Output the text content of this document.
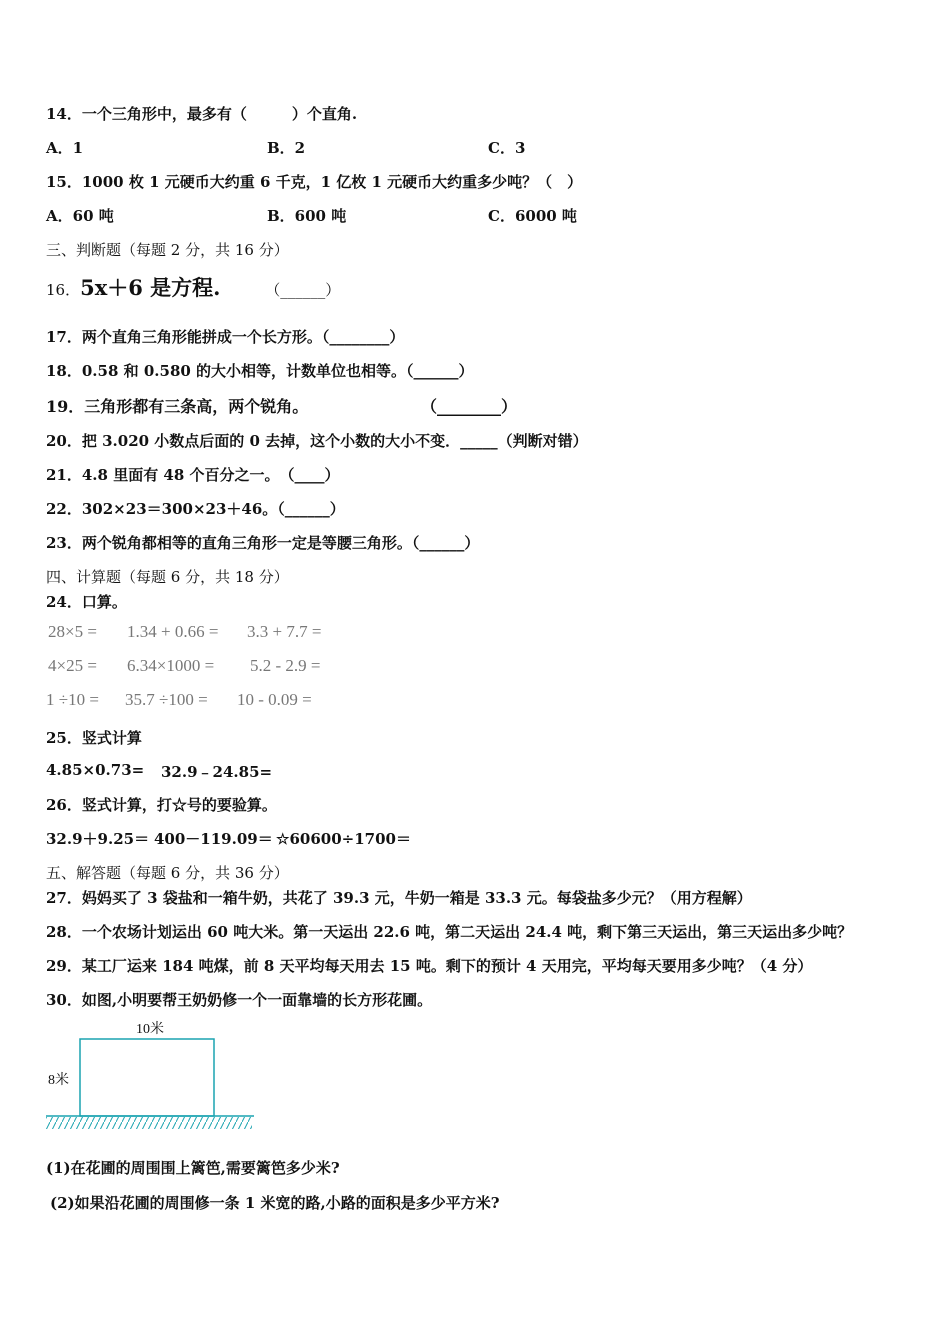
14．一个三角形中，最多有（　　　）个直角.
A．1	B．2	C．3
15．1000 枚 1 元硬币大约重 6 千克，1 亿枚 1 元硬币大约重多少吨？（　）
A．60 吨	B．600 吨	C．6000 吨
三、判断题（每题 2 分，共 16 分）
16．5x＋6 是方程.	（______）
17．两个直角三角形能拼成一个长方形。（________）
18．0.58 和 0.580 的大小相等，计数单位也相等。（______）
19．三角形都有三条高，两个锐角。	（________）
20．把 3.020 小数点后面的 0 去掉，这个小数的大小不变．_____（判断对错）
21．4.8 里面有 48 个百分之一。　（____）
22．302×23＝300×23＋46。（______）
23．两个锐角都相等的直角三角形一定是等腰三角形。（______）
四、计算题（每题 6 分，共 18 分）
24．口算。
28×5 = 1.34 + 0.66 = 3.3 + 7.7 =
4×25 = 6.34×1000 = 5.2 - 2.9 =
1 ÷10 = 35.7 ÷100 = 10 - 0.09 =
25．竖式计算
4.85×0.73= 32.9﹣24.85=
26．竖式计算，打☆号的要验算。
32.9＋9.25＝ 400－119.09＝ ☆60600÷1700＝
五、解答题（每题 6 分，共 36 分）
27．妈妈买了 3 袋盐和一箱牛奶，共花了 39.3 元，牛奶一箱是 33.3 元。每袋盐多少元？（用方程解）
28．一个农场计划运出 60 吨大米。第一天运出 22.6 吨，第二天运出 24.4 吨，剩下第三天运出，第三天运出多少吨？
29．某工厂运来 184 吨煤，前 8 天平均每天用去 15 吨。剩下的预计 4 天用完，平均每天要用多少吨？（4 分）
30．如图,小明要帮王奶奶修一个一面靠墙的长方形花圃。
10米
8米
(1)在花圃的周围围上篱笆,需要篱笆多少米?
(2)如果沿花圃的周围修一条 1 米宽的路,小路的面积是多少平方米?
